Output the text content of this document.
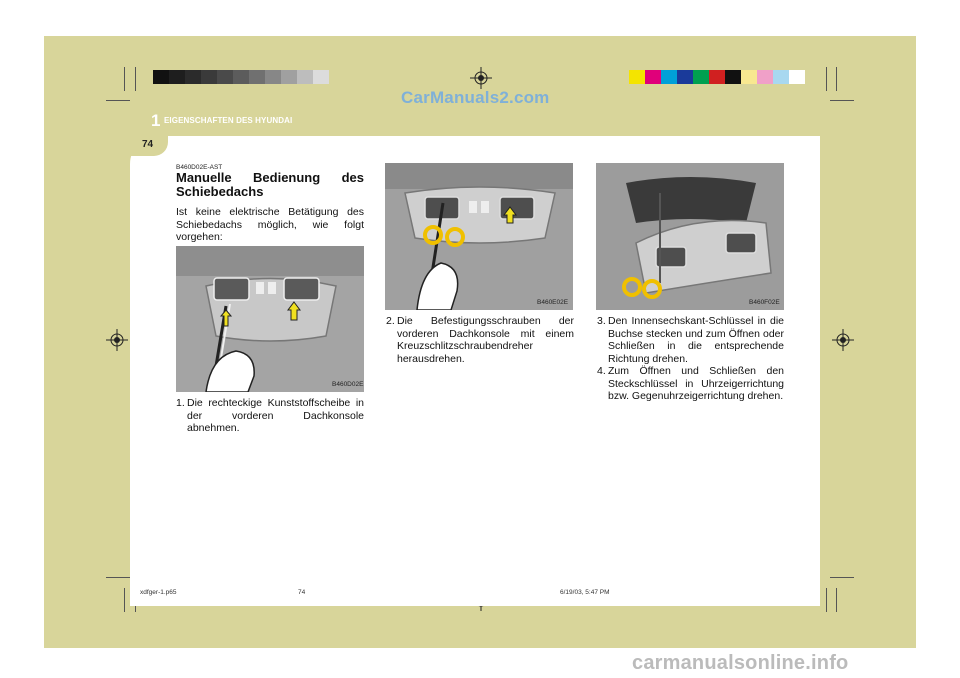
CarManuals2.com
1 EIGENSCHAFTEN DES HYUNDAI
74
B460D02E-AST
Manuelle Bedienung des
Schiebedachs
Ist keine elektrische Betätigung des Schiebedachs möglich, wie folgt vorgehen:
B460D02E
1. Die rechteckige Kunststoffscheibe in der vorderen Dachkonsole abnehmen.
B460E02E
2. Die Befestigungsschrauben der vorderen Dachkonsole mit einem Kreuzschlitzschraubendreher herausdrehen.
B460F02E
3. Den Innensechskant-Schlüssel in die Buchse stecken und zum Öffnen oder Schließen in die entsprechende Richtung drehen.
4. Zum Öffnen und Schließen den Steckschlüssel in Uhrzeigerrichtung bzw. Gegenuhrzeigerrichtung drehen.
xdfger-1.p65	74	6/19/03, 5:47 PM
carmanualsonline.info
